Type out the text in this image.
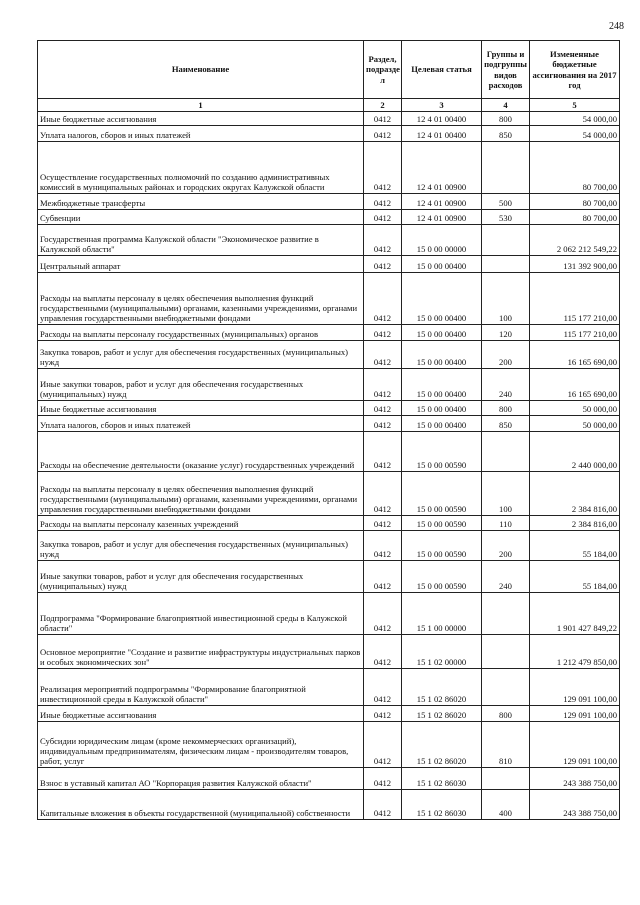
248
Наименование	Раздел, подразде л	Целевая статья	Группы и подгруппы видов расходов	Измененные бюджетные ассигнования на 2017 год
1	2	3	4	5
Иные бюджетные ассигнования	0412	12 4 01 00400	800	54 000,00
Уплата налогов, сборов и иных платежей	0412	12 4 01 00400	850	54 000,00
Осуществление государственных полномочий по созданию административных комиссий в муниципальных районах и городских округах Калужской области	0412	12 4 01 00900		80 700,00
Межбюджетные трансферты	0412	12 4 01 00900	500	80 700,00
Субвенции	0412	12 4 01 00900	530	80 700,00
Государственная программа Калужской области "Экономическое развитие в Калужской области"	0412	15 0 00 00000		2 062 212 549,22
Центральный аппарат	0412	15 0 00 00400		131 392 900,00
Расходы на выплаты персоналу в целях обеспечения выполнения функций государственными (муниципальными) органами, казенными учреждениями, органами управления государственными внебюджетными фондами	0412	15 0 00 00400	100	115 177 210,00
Расходы на выплаты персоналу государственных (муниципальных) органов	0412	15 0 00 00400	120	115 177 210,00
Закупка товаров, работ и услуг для обеспечения государственных (муниципальных) нужд	0412	15 0 00 00400	200	16 165 690,00
Иные закупки товаров, работ и услуг для обеспечения государственных (муниципальных) нужд	0412	15 0 00 00400	240	16 165 690,00
Иные бюджетные ассигнования	0412	15 0 00 00400	800	50 000,00
Уплата налогов, сборов и иных платежей	0412	15 0 00 00400	850	50 000,00
Расходы на обеспечение деятельности (оказание услуг) государственных учреждений	0412	15 0 00 00590		2 440 000,00
Расходы на выплаты персоналу в целях обеспечения выполнения функций государственными (муниципальными) органами, казенными учреждениями, органами управления государственными внебюджетными фондами	0412	15 0 00 00590	100	2 384 816,00
Расходы на выплаты персоналу казенных учреждений	0412	15 0 00 00590	110	2 384 816,00
Закупка товаров, работ и услуг для обеспечения государственных (муниципальных) нужд	0412	15 0 00 00590	200	55 184,00
Иные закупки товаров, работ и услуг для обеспечения государственных (муниципальных) нужд	0412	15 0 00 00590	240	55 184,00
Подпрограмма "Формирование благоприятной инвестиционной среды в Калужской области"	0412	15 1 00 00000		1 901 427 849,22
Основное мероприятие "Создание и развитие инфраструктуры индустриальных парков и особых экономических зон"	0412	15 1 02 00000		1 212 479 850,00
Реализация мероприятий подпрограммы "Формирование благоприятной инвестиционной среды в Калужской области"	0412	15 1 02 86020		129 091 100,00
Иные бюджетные ассигнования	0412	15 1 02 86020	800	129 091 100,00
Субсидии юридическим лицам (кроме некоммерческих организаций), индивидуальным предпринимателям, физическим лицам - производителям товаров, работ, услуг	0412	15 1 02 86020	810	129 091 100,00
Взнос в уставный капитал АО "Корпорация развития Калужской области"	0412	15 1 02 86030		243 388 750,00
Капитальные вложения в объекты государственной (муниципальной) собственности	0412	15 1 02 86030	400	243 388 750,00
